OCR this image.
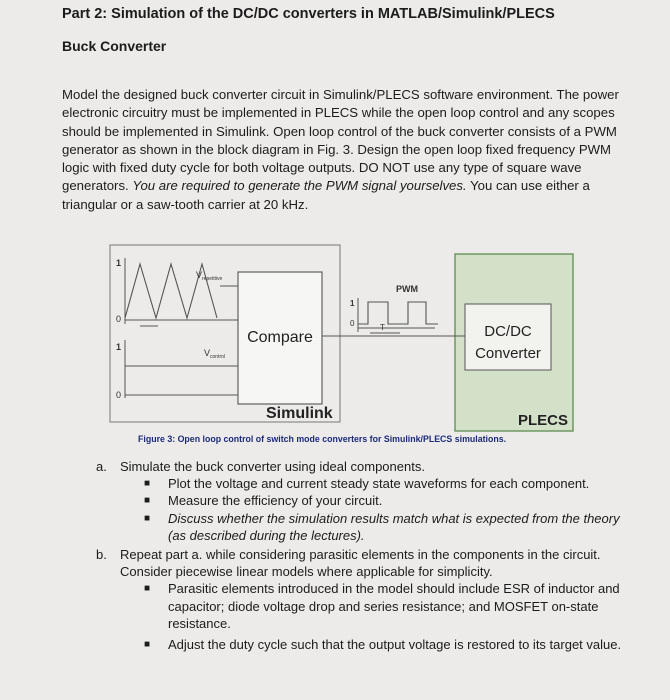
Part 2: Simulation of the DC/DC converters in MATLAB/Simulink/PLECS
Buck Converter
Model the designed buck converter circuit in Simulink/PLECS software environment. The power electronic circuitry must be implemented in PLECS while the open loop control and any scopes should be implemented in Simulink. Open loop control of the buck converter consists of a PWM generator as shown in the block diagram in Fig. 3. Design the open loop fixed frequency PWM logic with fixed duty cycle for both voltage outputs. DO NOT use any type of square wave generators. You are required to generate the PWM signal yourselves. You can use either a triangular or a saw-tooth carrier at 20 kHz.
1
0
1
0
1
0
$V_{repetitive}$
$V_{control}$
T
Compare
PWM
DC/DC
Converter
Simulink	PLECS
Figure 3: Open loop control of switch mode converters for Simulink/PLECS simulations.
a. Simulate the buck converter using ideal components.
■ Plot the voltage and current steady state waveforms for each component.
■ Measure the efficiency of your circuit.
■ Discuss whether the simulation results match what is expected from the theory (as described during the lectures).
b. Repeat part a. while considering parasitic elements in the components in the circuit. Consider piecewise linear models where applicable for simplicity.
■ Parasitic elements introduced in the model should include ESR of inductor and capacitor; diode voltage drop and series resistance; and MOSFET on-state resistance.
■ Adjust the duty cycle such that the output voltage is restored to its target value.
